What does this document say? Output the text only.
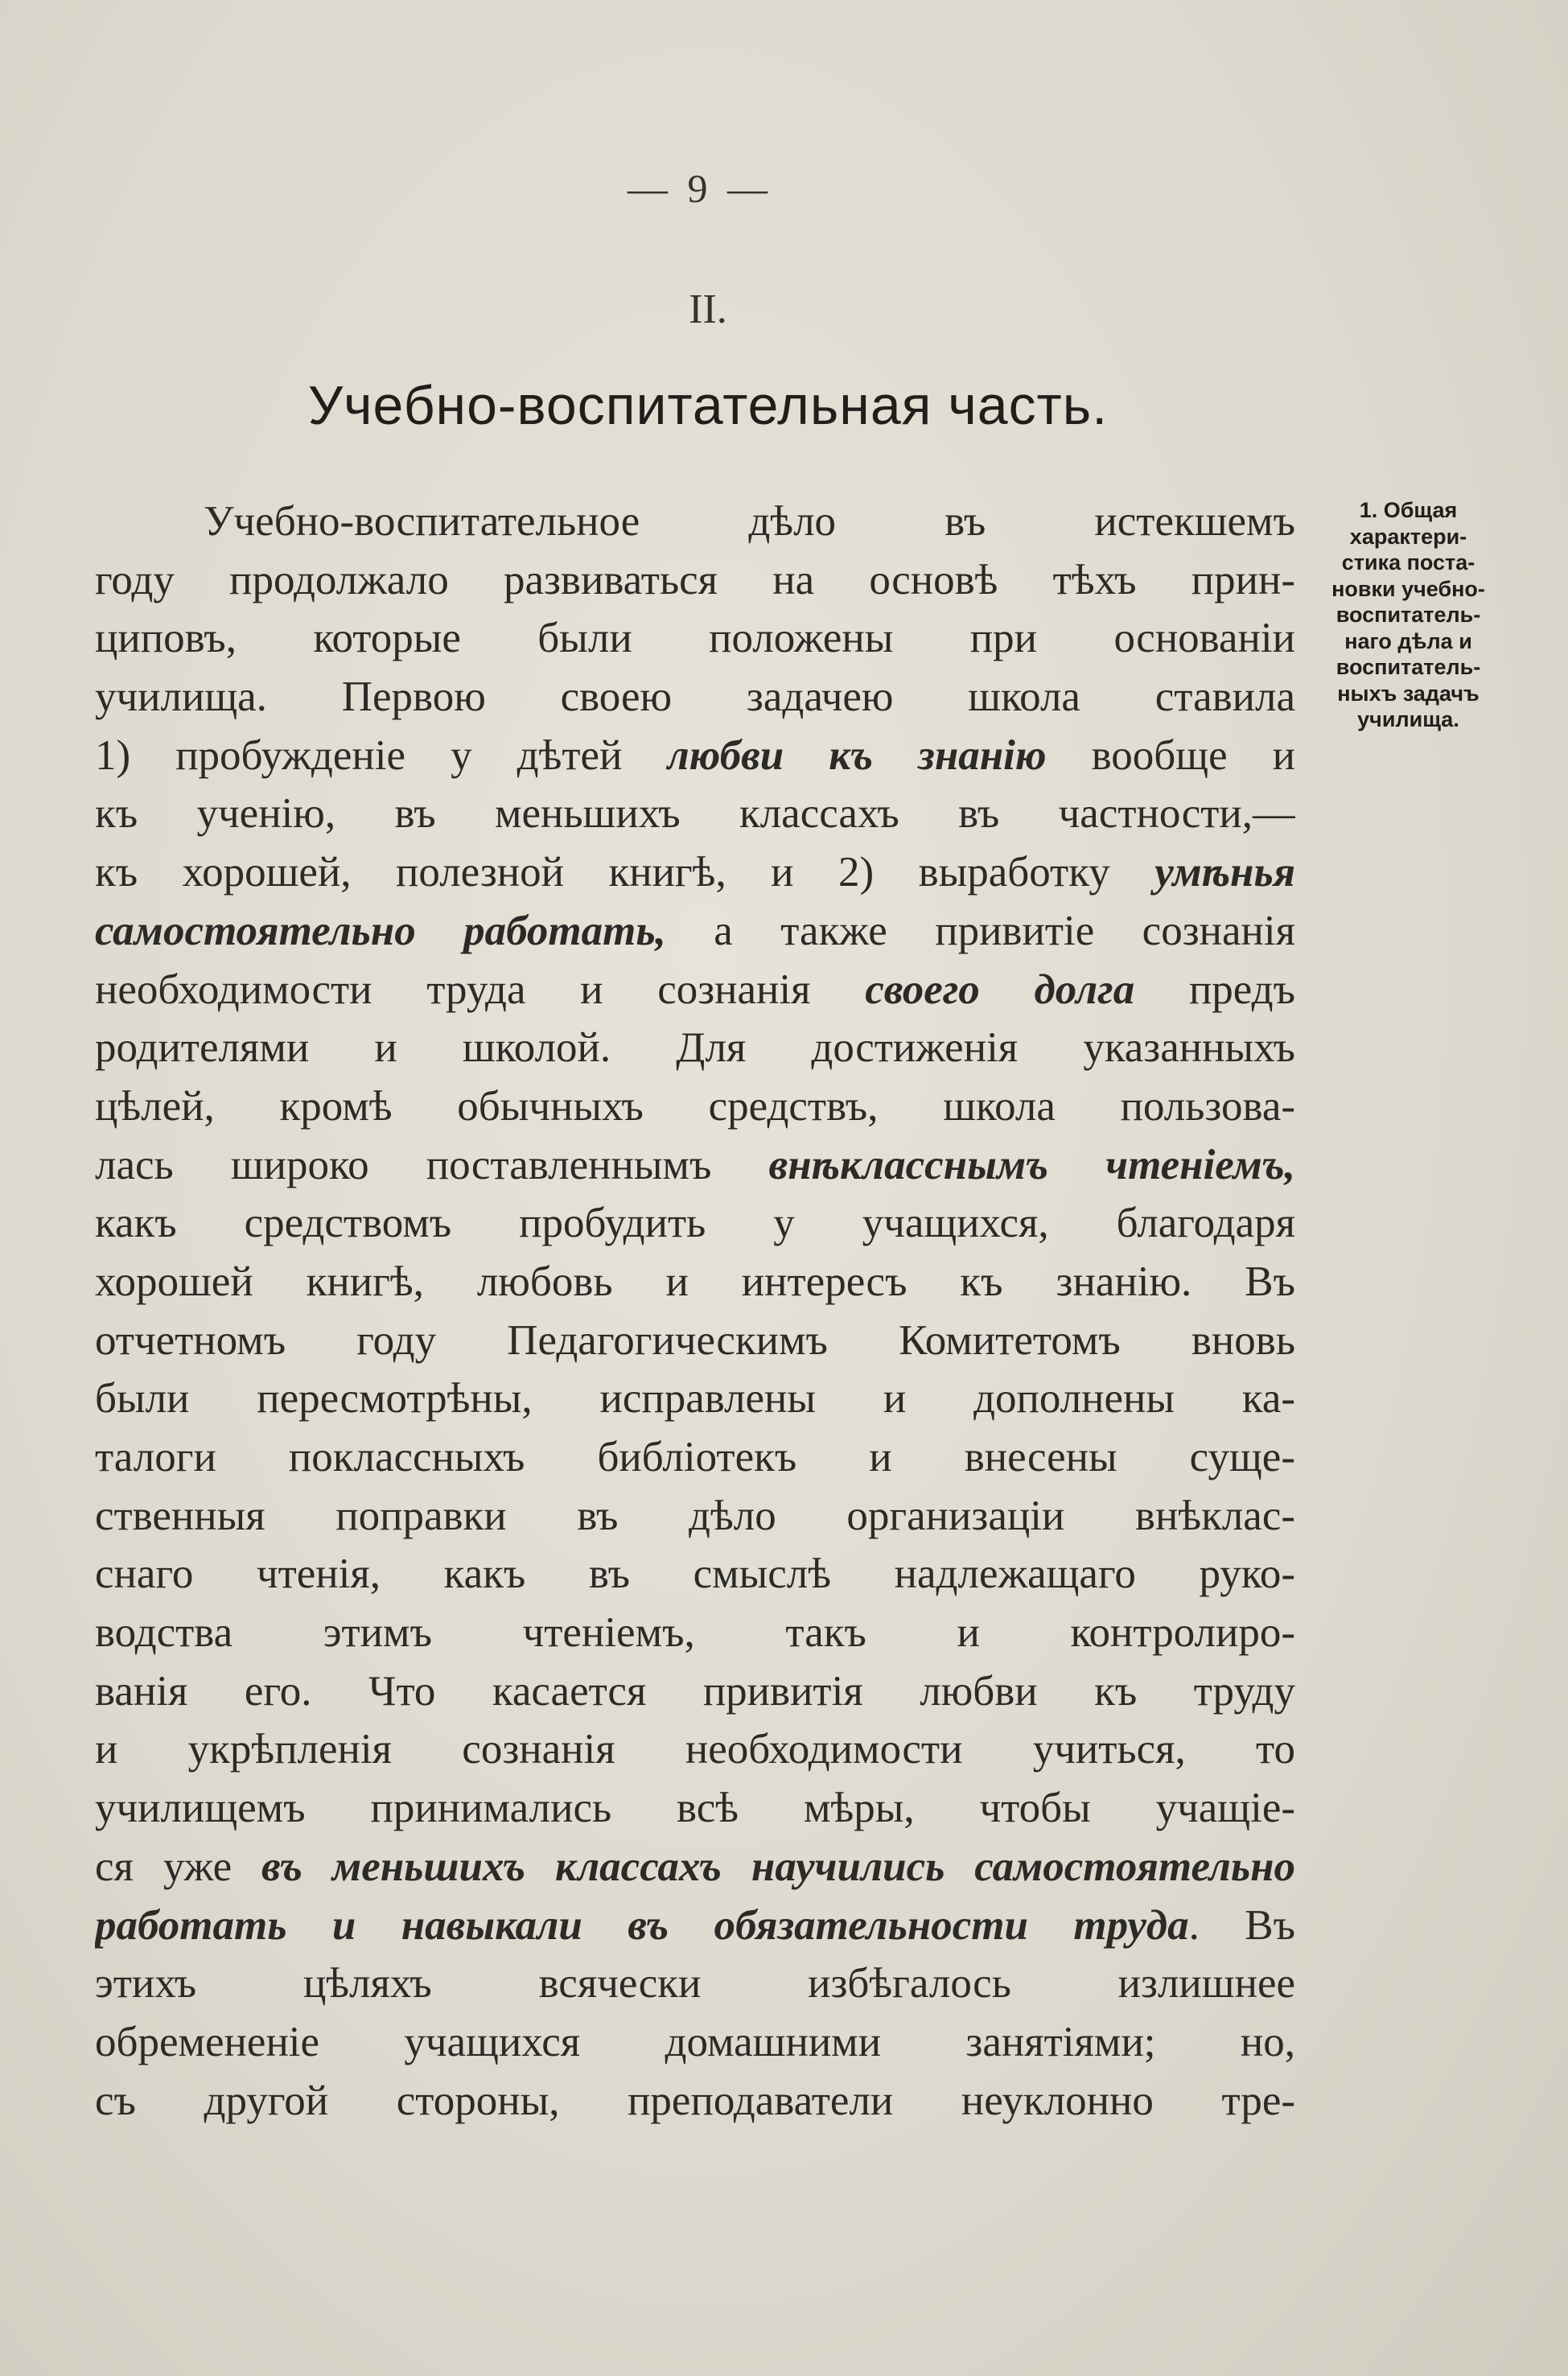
— 9 —
II.
Учебно-воспитательная часть.
Учебно-воспитательное дѣло въ истекшемъ
году продолжало развиваться на основѣ тѣхъ прин-
циповъ, которые были положены при основаніи
училища. Первою своею задачею школа ставила
1) пробужденіе у дѣтей любви къ знанію вообще и
къ ученію, въ меньшихъ классахъ въ частности,—
къ хорошей, полезной книгѣ, и 2) выработку умѣнья
самостоятельно работать, а также привитіе сознанія
необходимости труда и сознанія своего долга предъ
родителями и школой. Для достиженія указанныхъ
цѣлей, кромѣ обычныхъ средствъ, школа пользова-
лась широко поставленнымъ внѣкласснымъ чтеніемъ,
какъ средствомъ пробудить у учащихся, благодаря
хорошей книгѣ, любовь и интересъ къ знанію. Въ
отчетномъ году Педагогическимъ Комитетомъ вновь
были пересмотрѣны, исправлены и дополнены ка-
талоги поклассныхъ библіотекъ и внесены суще-
ственныя поправки въ дѣло организаціи внѣклас-
снаго чтенія, какъ въ смыслѣ надлежащаго руко-
водства этимъ чтеніемъ, такъ и контролиро-
ванія его. Что касается привитія любви къ труду
и укрѣпленія сознанія необходимости учиться, то
училищемъ принимались всѣ мѣры, чтобы учащіе-
ся уже въ меньшихъ классахъ научились самостоятельно
работать и навыкали въ обязательности труда. Въ
этихъ цѣляхъ всячески избѣгалось излишнее
обремененіе учащихся домашними занятіями; но,
съ другой стороны, преподаватели неуклонно тре-
1. Общая
характери-
стика поста-
новки учебно-
воспитатель-
наго дѣла и
воспитатель-
ныхъ задачъ
училища.
